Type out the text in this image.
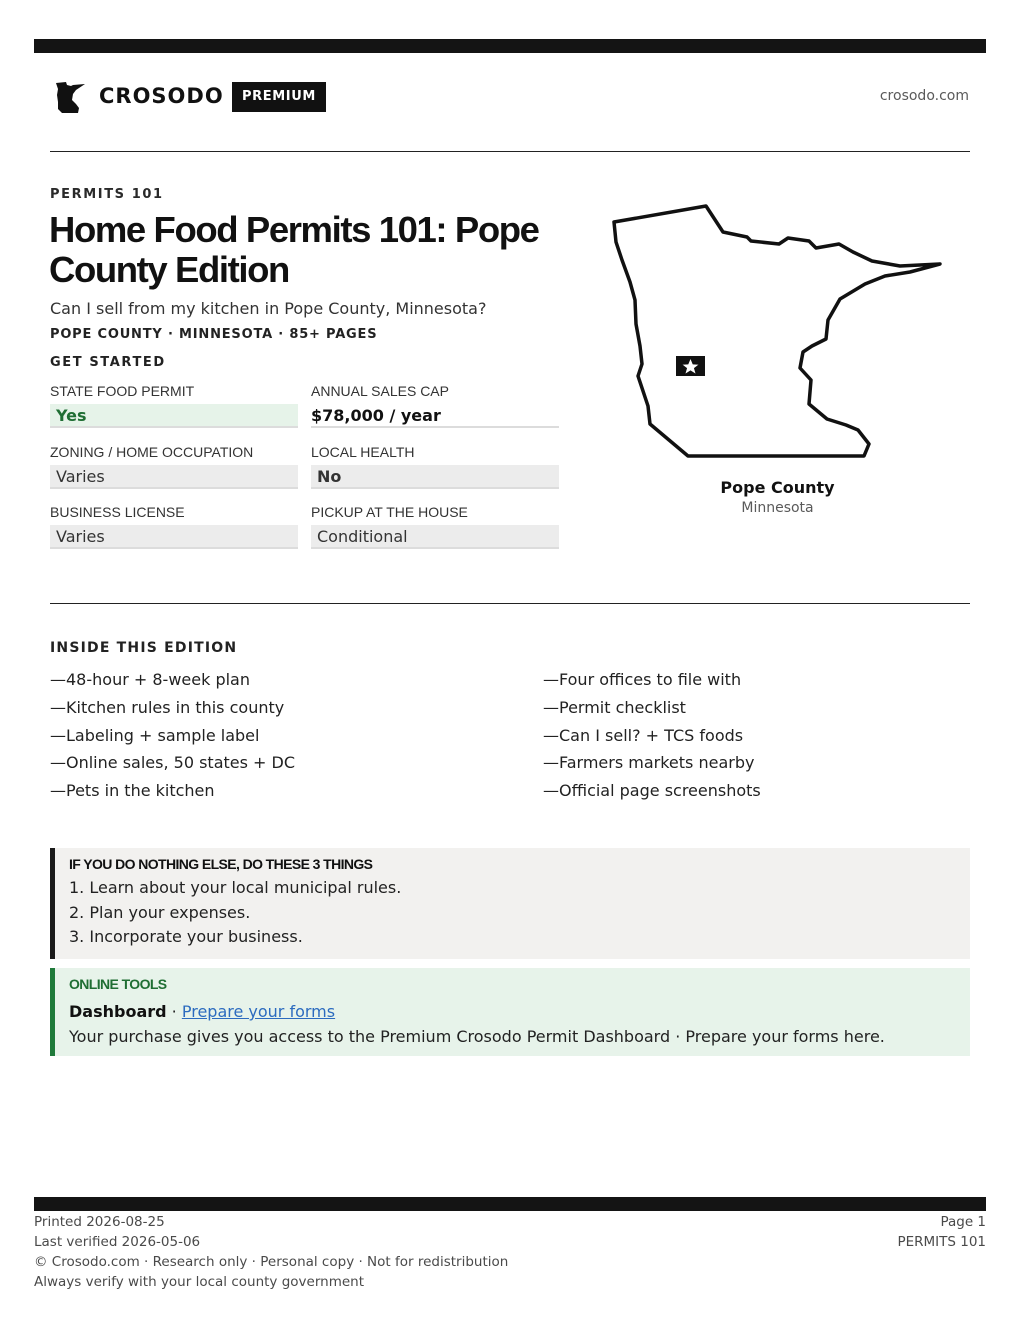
CROSODO	PREMIUM	crosodo.com
PERMITS 101
Home Food Permits 101: Pope County Edition
Can I sell from my kitchen in Pope County, Minnesota?
POPE COUNTY · MINNESOTA · 85+ PAGES
GET STARTED
STATE FOOD PERMIT
Yes
ANNUAL SALES CAP
$78,000 / year
ZONING / HOME OCCUPATION
Varies
LOCAL HEALTH
No
BUSINESS LICENSE
Varies
PICKUP AT THE HOUSE
Conditional
Pope County
Minnesota
INSIDE THIS EDITION
—48-hour + 8-week plan
—Kitchen rules in this county
—Labeling + sample label
—Online sales, 50 states + DC
—Pets in the kitchen
—Four offices to file with
—Permit checklist
—Can I sell? + TCS foods
—Farmers markets nearby
—Official page screenshots
IF YOU DO NOTHING ELSE, DO THESE 3 THINGS
1. Learn about your local municipal rules.
2. Plan your expenses.
3. Incorporate your business.
ONLINE TOOLS
Dashboard · Prepare your forms
Your purchase gives you access to the Premium Crosodo Permit Dashboard · Prepare your forms here.
Printed 2026-08-25
Last verified 2026-05-06
© Crosodo.com · Research only · Personal copy · Not for redistribution
Always verify with your local county government
Page 1
PERMITS 101
